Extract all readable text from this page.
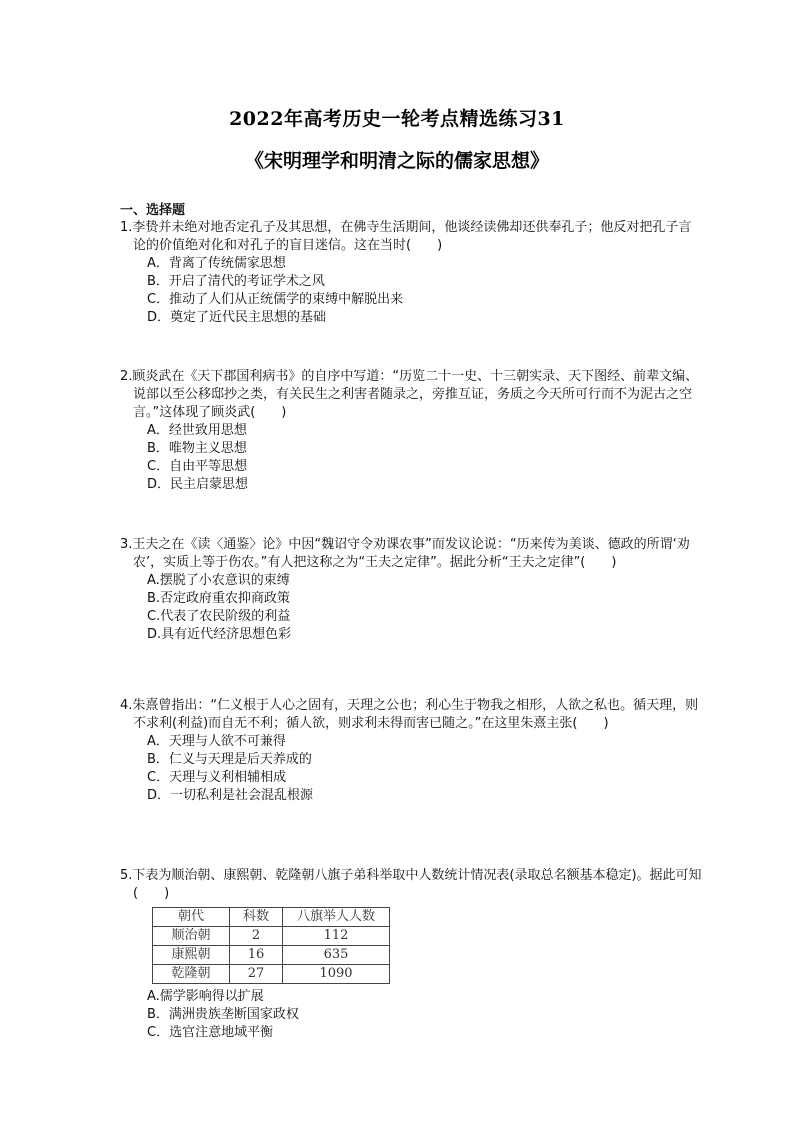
2022年高考历史一轮考点精选练习31
《宋明理学和明清之际的儒家思想》
一、选择题
1.李贽并未绝对地否定孔子及其思想，在佛寺生活期间，他谈经读佛却还供奉孔子；他反对把孔子言论的价值绝对化和对孔子的盲目迷信。这在当时(　　)
A．背离了传统儒家思想
B．开启了清代的考证学术之风
C．推动了人们从正统儒学的束缚中解脱出来
D．奠定了近代民主思想的基础
2.顾炎武在《天下郡国利病书》的自序中写道：“历览二十一史、十三朝实录、天下图经、前辈文编、说部以至公移邸抄之类，有关民生之利害者随录之，旁推互证，务质之今天所可行而不为泥古之空言。”这体现了顾炎武(　　)
A．经世致用思想
B．唯物主义思想
C．自由平等思想
D．民主启蒙思想
3.王夫之在《读〈通鉴〉论》中因“魏诏守令劝课农事”而发议论说：“历来传为美谈、德政的所谓‘劝农’，实质上等于伤农。”有人把这称之为“王夫之定律”。据此分析“王夫之定律”(　　)
A.摆脱了小农意识的束缚
B.否定政府重农抑商政策
C.代表了农民阶级的利益
D.具有近代经济思想色彩
4.朱熹曾指出：“仁义根于人心之固有，天理之公也；利心生于物我之相形，人欲之私也。循天理，则不求利(利益)而自无不利；循人欲，则求利未得而害已随之。”在这里朱熹主张(　　)
A．天理与人欲不可兼得
B．仁义与天理是后天养成的
C．天理与义利相辅相成
D．一切私利是社会混乱根源
5.下表为顺治朝、康熙朝、乾隆朝八旗子弟科举取中人数统计情况表(录取总名额基本稳定)。据此可知(　　)
朝代	科数	八旗举人人数
顺治朝	2	112
康熙朝	16	635
乾隆朝	27	1090
A.儒学影响得以扩展
B．满洲贵族垄断国家政权
C．选官注意地域平衡
